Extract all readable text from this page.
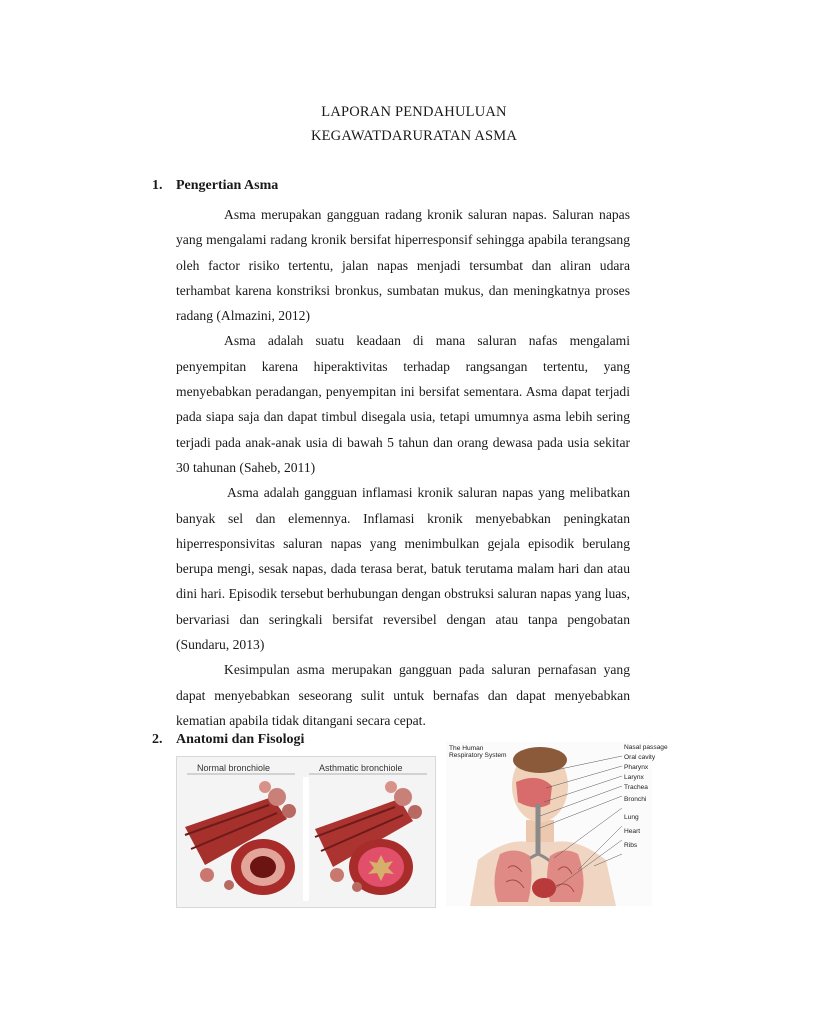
LAPORAN PENDAHULUAN
KEGAWATDARURATAN ASMA
1. Pengertian Asma

Asma merupakan gangguan radang kronik saluran napas. Saluran napas yang mengalami radang kronik bersifat hiperresponsif sehingga apabila terangsang oleh factor risiko tertentu, jalan napas menjadi tersumbat dan aliran udara terhambat karena konstriksi bronkus, sumbatan mukus, dan meningkatnya proses radang (Almazini, 2012)

Asma adalah suatu keadaan di mana saluran nafas mengalami penyempitan karena hiperaktivitas terhadap rangsangan tertentu, yang menyebabkan peradangan, penyempitan ini bersifat sementara. Asma dapat terjadi pada siapa saja dan dapat timbul disegala usia, tetapi umumnya asma lebih sering terjadi pada anak-anak usia di bawah 5 tahun dan orang dewasa pada usia sekitar 30 tahunan (Saheb, 2011)

Asma adalah gangguan inflamasi kronik saluran napas yang melibatkan banyak sel dan elemennya. Inflamasi kronik menyebabkan peningkatan hiperresponsivitas saluran napas yang menimbulkan gejala episodik berulang berupa mengi, sesak napas, dada terasa berat, batuk terutama malam hari dan atau dini hari. Episodik tersebut berhubungan dengan obstruksi saluran napas yang luas, bervariasi dan seringkali bersifat reversibel dengan atau tanpa pengobatan (Sundaru, 2013)

Kesimpulan asma merupakan gangguan pada saluran pernafasan yang dapat menyebabkan seseorang sulit untuk bernafas dan dapat menyebabkan kematian apabila tidak ditangani secara cepat.

2. Anatomi dan Fisologi
Normal bronchiole	Asthmatic bronchiole
The Human Respiratory System
Nasal passage
Oral cavity
Pharynx
Larynx
Trachea
Bronchi
Lung
Heart
Ribs
